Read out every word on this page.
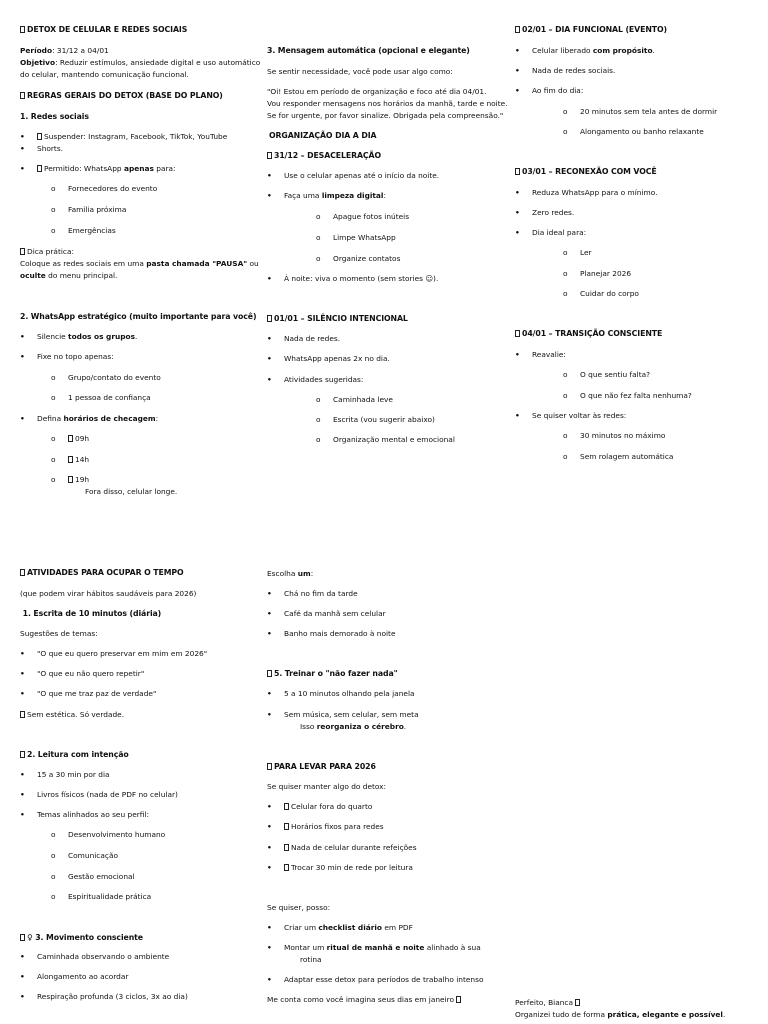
DETOX DE CELULAR E REDES SOCIAIS
Período: 31/12 a 04/01
Objetivo: Reduzir estímulos, ansiedade digital e uso automático
do celular, mantendo comunicação funcional.
REGRAS GERAIS DO DETOX (BASE DO PLANO)
1. Redes sociais
• Suspender: Instagram, Facebook, TikTok, YouTube
• Shorts.
• Permitido: WhatsApp apenas para:
o Fornecedores do evento
o Família próxima
o Emergências
Dica prática:
Coloque as redes sociais em uma pasta chamada "PAUSA" ou
oculte do menu principal.
2. WhatsApp estratégico (muito importante para você)
• Silencie todos os grupos.
• Fixe no topo apenas:
o Grupo/contato do evento
o 1 pessoa de confiança
• Defina horários de checagem:
o 09h
o 14h
o 19h
Fora disso, celular longe.
ATIVIDADES PARA OCUPAR O TEMPO
(que podem virar hábitos saudáveis para 2026)
1. Escrita de 10 minutos (diária)
Sugestões de temas:
• "O que eu quero preservar em mim em 2026"
• "O que eu não quero repetir"
• "O que me traz paz de verdade"
Sem estética. Só verdade.
2. Leitura com intenção
• 15 a 30 min por dia
• Livros físicos (nada de PDF no celular)
• Temas alinhados ao seu perfil:
o Desenvolvimento humano
o Comunicação
o Gestão emocional
o Espiritualidade prática
♀ 3. Movimento consciente
• Caminhada observando o ambiente
• Alongamento ao acordar
• Respiração profunda (3 ciclos, 3x ao dia)
3. Mensagem automática (opcional e elegante)
Se sentir necessidade, você pode usar algo como:
"Oi! Estou em período de organização e foco até dia 04/01.
Vou responder mensagens nos horários da manhã, tarde e noite.
Se for urgente, por favor sinalize. Obrigada pela compreensão."
ORGANIZAÇÃO DIA A DIA
31/12 – DESACELERAÇÃO
• Use o celular apenas até o início da noite.
• Faça uma limpeza digital:
o Apague fotos inúteis
o Limpe WhatsApp
o Organize contatos
• À noite: viva o momento (sem stories ☺).
01/01 – SILÊNCIO INTENCIONAL
• Nada de redes.
• WhatsApp apenas 2x no dia.
• Atividades sugeridas:
o Caminhada leve
o Escrita (vou sugerir abaixo)
o Organização mental e emocional
Escolha um:
• Chá no fim da tarde
• Café da manhã sem celular
• Banho mais demorado à noite
5. Treinar o "não fazer nada"
• 5 a 10 minutos olhando pela janela
• Sem música, sem celular, sem meta
Isso reorganiza o cérebro.
PARA LEVAR PARA 2026
Se quiser manter algo do detox:
• Celular fora do quarto
• Horários fixos para redes
• Nada de celular durante refeições
• Trocar 30 min de rede por leitura
Se quiser, posso:
• Criar um checklist diário em PDF
• Montar um ritual de manhã e noite alinhado à sua
rotina
• Adaptar esse detox para períodos de trabalho intenso
Me conta como você imagina seus dias em janeiro
02/01 – DIA FUNCIONAL (EVENTO)
• Celular liberado com propósito.
• Nada de redes sociais.
• Ao fim do dia:
o 20 minutos sem tela antes de dormir
o Alongamento ou banho relaxante
03/01 – RECONEXÃO COM VOCÊ
• Reduza WhatsApp para o mínimo.
• Zero redes.
• Dia ideal para:
o Ler
o Planejar 2026
o Cuidar do corpo
04/01 – TRANSIÇÃO CONSCIENTE
• Reavalie:
o O que sentiu falta?
o O que não fez falta nenhuma?
• Se quiser voltar às redes:
o 30 minutos no máximo
o Sem rolagem automática
Perfeito, Bianca
Organizei tudo de forma prática, elegante e possível.
